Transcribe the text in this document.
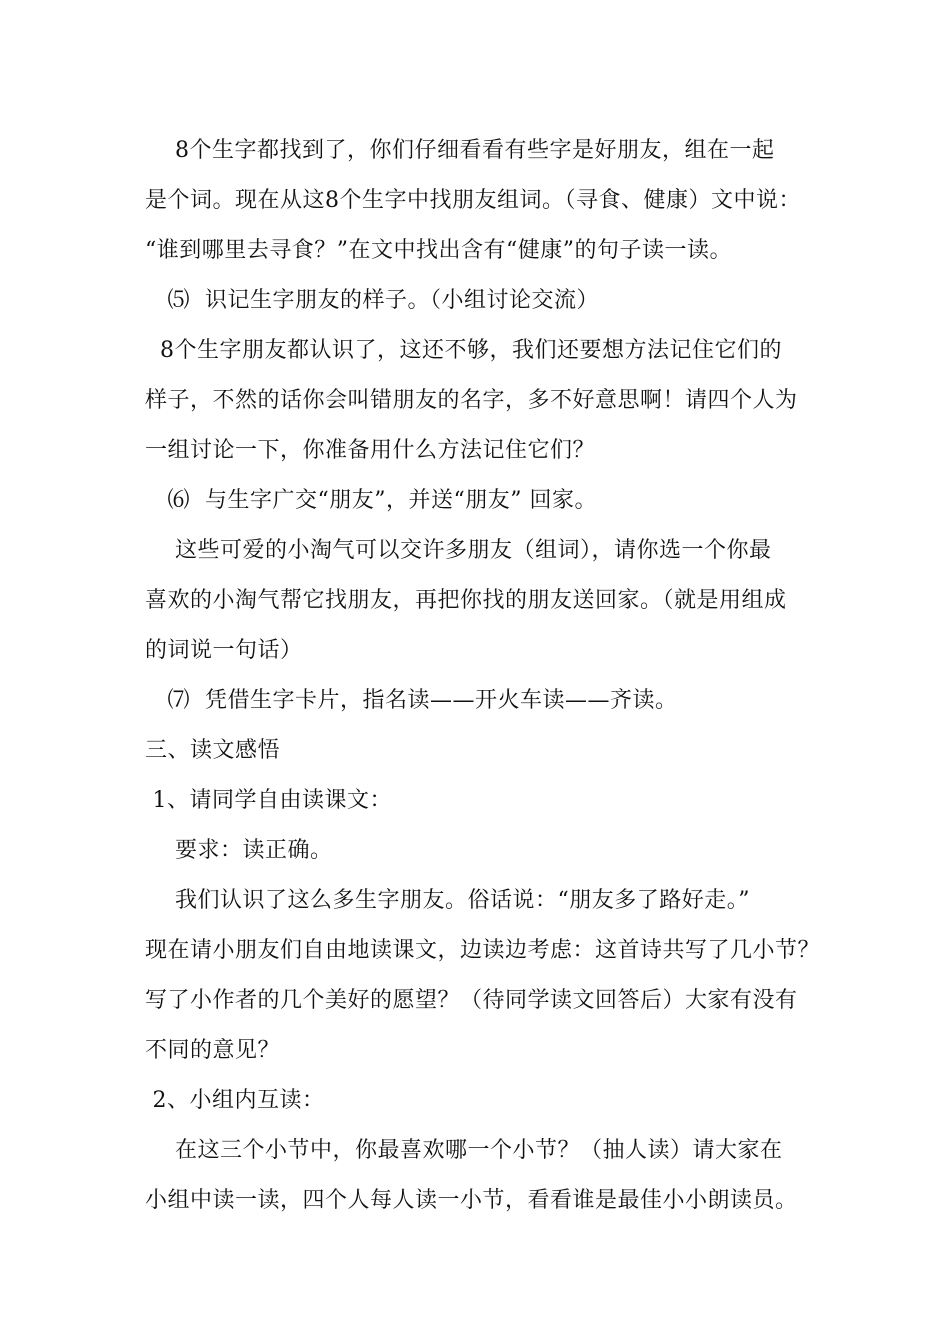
8个生字都找到了，你们仔细看看有些字是好朋友，组在一起
是个词。现在从这8个生字中找朋友组词。（寻食、健康）文中说：
“谁到哪里去寻食？”在文中找出含有“健康”的句子读一读。
⑸  识记生字朋友的样子。（小组讨论交流）
8个生字朋友都认识了，这还不够，我们还要想方法记住它们的
样子，不然的话你会叫错朋友的名字，多不好意思啊！请四个人为
一组讨论一下，你准备用什么方法记住它们？
⑹  与生字广交“朋友”，并送“朋友” 回家。
这些可爱的小淘气可以交许多朋友（组词），请你选一个你最
喜欢的小淘气帮它找朋友，再把你找的朋友送回家。（就是用组成
的词说一句话）
⑺  凭借生字卡片，指名读——开火车读——齐读。
三、读文感悟
1、请同学自由读课文：
要求：读正确。
我们认识了这么多生字朋友。俗话说：“朋友多了路好走。”
现在请小朋友们自由地读课文，边读边考虑：这首诗共写了几小节？
写了小作者的几个美好的愿望？（待同学读文回答后）大家有没有
不同的意见？
2、小组内互读：
在这三个小节中，你最喜欢哪一个小节？（抽人读）请大家在
小组中读一读，四个人每人读一小节，看看谁是最佳小小朗读员。
